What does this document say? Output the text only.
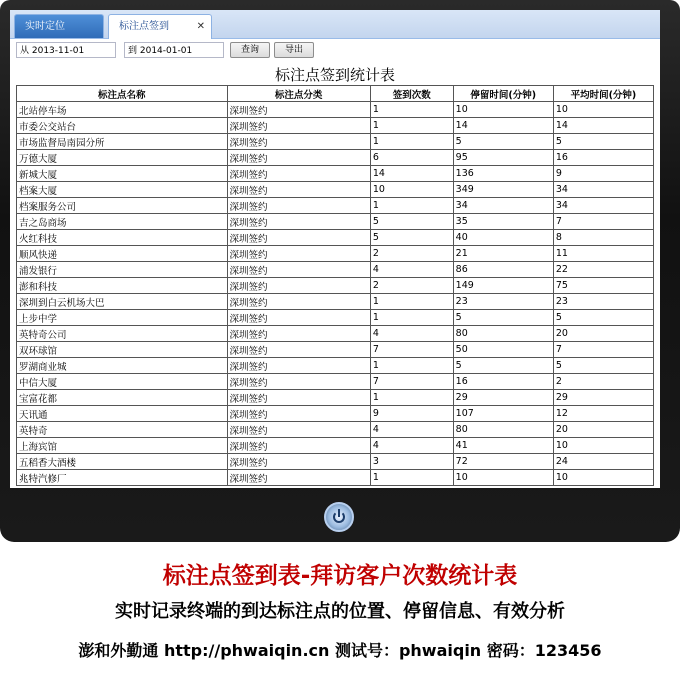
实时定位	标注点签到	✕
从 2013-11-01	到 2014-01-01	查询	导出
标注点签到统计表
标注点名称	标注点分类	签到次数	停留时间(分钟)	平均时间(分钟)
北站停车场	深圳签约	1	10	10
市委公交站台	深圳签约	1	14	14
市场监督局南园分所	深圳签约	1	5	5
万德大厦	深圳签约	6	95	16
新城大厦	深圳签约	14	136	9
档案大厦	深圳签约	10	349	34
档案服务公司	深圳签约	1	34	34
吉之岛商场	深圳签约	5	35	7
火红科技	深圳签约	5	40	8
顺风快递	深圳签约	2	21	11
浦发银行	深圳签约	4	86	22
澎和科技	深圳签约	2	149	75
深圳到白云机场大巴	深圳签约	1	23	23
上步中学	深圳签约	1	5	5
英特奇公司	深圳签约	4	80	20
双环球馆	深圳签约	7	50	7
罗湖商业城	深圳签约	1	5	5
中信大厦	深圳签约	7	16	2
宝富花都	深圳签约	1	29	29
天讯通	深圳签约	9	107	12
英特奇	深圳签约	4	80	20
上海宾馆	深圳签约	4	41	10
五稻香大酒楼	深圳签约	3	72	24
兆特汽修厂	深圳签约	1	10	10
标注点签到表-拜访客户次数统计表
实时记录终端的到达标注点的位置、停留信息、有效分析
澎和外勤通 http://phwaiqin.cn 测试号：phwaiqin 密码：123456
